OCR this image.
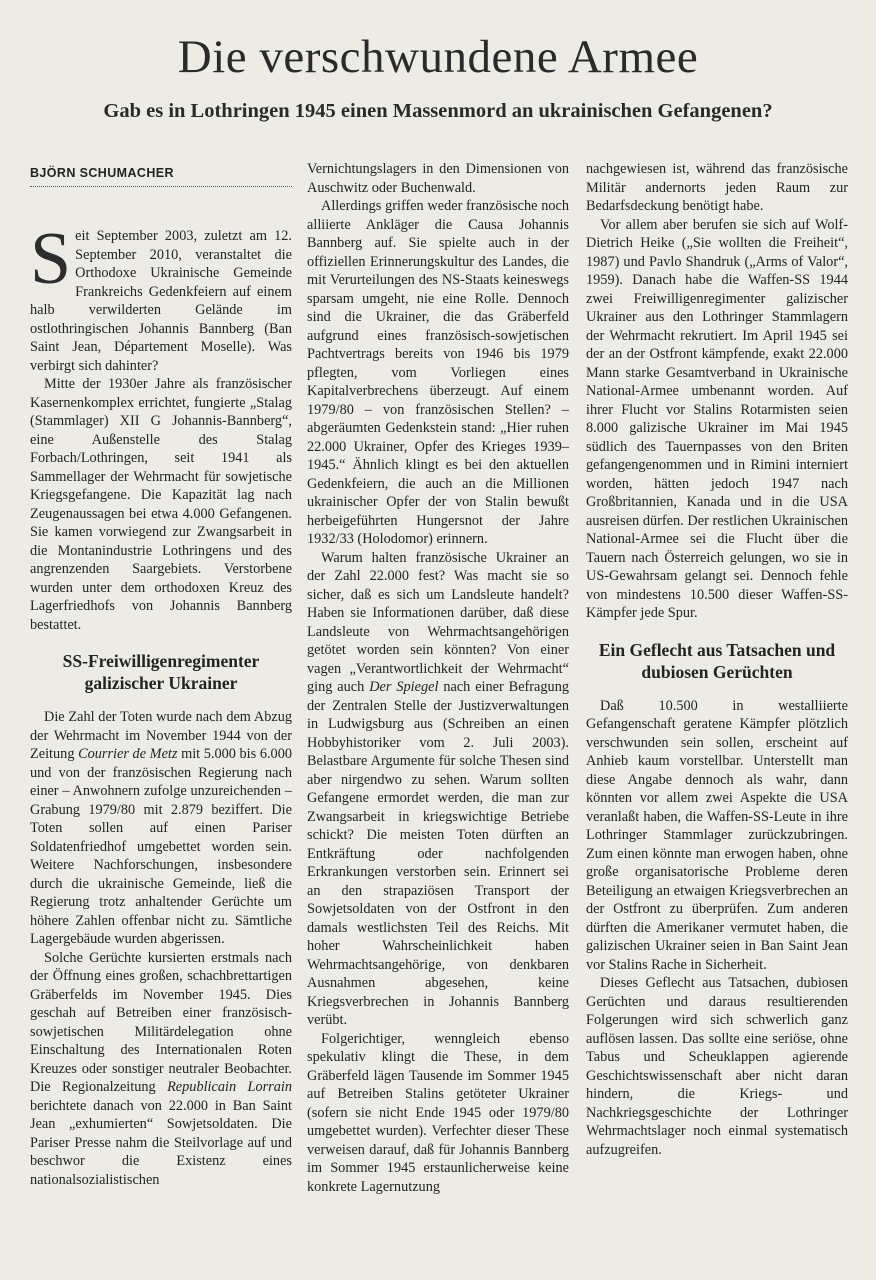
Die verschwundene Armee
Gab es in Lothringen 1945 einen Massenmord an ukrainischen Gefangenen?
BJÖRN SCHUMACHER

Seit September 2003, zuletzt am 12. September 2010, veranstaltet die Orthodoxe Ukrainische Gemeinde Frankreichs Gedenkfeiern auf einem halb verwilderten Gelände im ostlothringischen Johannis Bannberg (Ban Saint Jean, Département Moselle). Was verbirgt sich dahinter?

Mitte der 1930er Jahre als französischer Kasernenkomplex errichtet, fungierte „Stalag (Stammlager) XII G Johannis-Bannberg“, eine Außenstelle des Stalag Forbach/Lothringen, seit 1941 als Sammellager der Wehrmacht für sowjetische Kriegsgefangene. Die Kapazität lag nach Zeugenaussagen bei etwa 4.000 Gefangenen. Sie kamen vorwiegend zur Zwangsarbeit in die Montanindustrie Lothringens und des angrenzenden Saargebiets. Verstorbene wurden unter dem orthodoxen Kreuz des Lagerfriedhofs von Johannis Bannberg bestattet.

SS-Freiwilligenregimenter galizischer Ukrainer

Die Zahl der Toten wurde nach dem Abzug der Wehrmacht im November 1944 von der Zeitung Courrier de Metz mit 5.000 bis 6.000 und von der französischen Regierung nach einer – Anwohnern zufolge unzureichenden – Grabung 1979/80 mit 2.879 beziffert. Die Toten sollen auf einen Pariser Soldatenfriedhof umgebettet worden sein. Weitere Nachforschungen, insbesondere durch die ukrainische Gemeinde, ließ die Regierung trotz anhaltender Gerüchte um höhere Zahlen offenbar nicht zu. Sämtliche Lagergebäude wurden abgerissen.

Solche Gerüchte kursierten erstmals nach der Öffnung eines großen, schachbrettartigen Gräberfelds im November 1945. Dies geschah auf Betreiben einer französisch-sowjetischen Militärdelegation ohne Einschaltung des Internationalen Roten Kreuzes oder sonstiger neutraler Beobachter. Die Regionalzeitung Republicain Lorrain berichtete danach von 22.000 in Ban Saint Jean „exhumierten“ Sowjetsoldaten. Die Pariser Presse nahm die Steilvorlage auf und beschwor die Existenz eines nationalsozialistischen

Vernichtungslagers in den Dimensionen von Auschwitz oder Buchenwald.

Allerdings griffen weder französische noch alliierte Ankläger die Causa Johannis Bannberg auf. Sie spielte auch in der offiziellen Erinnerungskultur des Landes, die mit Verurteilungen des NS-Staats keineswegs sparsam umgeht, nie eine Rolle. Dennoch sind die Ukrainer, die das Gräberfeld aufgrund eines französisch-sowjetischen Pachtvertrags bereits von 1946 bis 1979 pflegten, vom Vorliegen eines Kapitalverbrechens überzeugt. Auf einem 1979/80 – von französischen Stellen? – abgeräumten Gedenkstein stand: „Hier ruhen 22.000 Ukrainer, Opfer des Krieges 1939–1945.“ Ähnlich klingt es bei den aktuellen Gedenkfeiern, die auch an die Millionen ukrainischer Opfer der von Stalin bewußt herbeigeführten Hungersnot der Jahre 1932/33 (Holodomor) erinnern.

Warum halten französische Ukrainer an der Zahl 22.000 fest? Was macht sie so sicher, daß es sich um Landsleute handelt? Haben sie Informationen darüber, daß diese Landsleute von Wehrmachtsangehörigen getötet worden sein könnten? Von einer vagen „Verantwortlichkeit der Wehrmacht“ ging auch Der Spiegel nach einer Befragung der Zentralen Stelle der Justizverwaltungen in Ludwigsburg aus (Schreiben an einen Hobbyhistoriker vom 2. Juli 2003). Belastbare Argumente für solche Thesen sind aber nirgendwo zu sehen. Warum sollten Gefangene ermordet werden, die man zur Zwangsarbeit in kriegswichtige Betriebe schickt? Die meisten Toten dürften an Entkräftung oder nachfolgenden Erkrankungen verstorben sein. Erinnert sei an den strapaziösen Transport der Sowjetsoldaten von der Ostfront in den damals westlichsten Teil des Reichs. Mit hoher Wahrscheinlichkeit haben Wehrmachtsangehörige, von denkbaren Ausnahmen abgesehen, keine Kriegsverbrechen in Johannis Bannberg verübt.

Folgerichtiger, wenngleich ebenso spekulativ klingt die These, in dem Gräberfeld lägen Tausende im Sommer 1945 auf Betreiben Stalins getöteter Ukrainer (sofern sie nicht Ende 1945 oder 1979/80 umgebettet wurden). Verfechter dieser These verweisen darauf, daß für Johannis Bannberg im Sommer 1945 erstaunlicherweise keine konkrete Lagernutzung

nachgewiesen ist, während das französische Militär andernorts jeden Raum zur Bedarfsdeckung benötigt habe.

Vor allem aber berufen sie sich auf Wolf-Dietrich Heike („Sie wollten die Freiheit“, 1987) und Pavlo Shandruk („Arms of Valor“, 1959). Danach habe die Waffen-SS 1944 zwei Freiwilligenregimenter galizischer Ukrainer aus den Lothringer Stammlagern der Wehrmacht rekrutiert. Im April 1945 sei der an der Ostfront kämpfende, exakt 22.000 Mann starke Gesamtverband in Ukrainische National-Armee umbenannt worden. Auf ihrer Flucht vor Stalins Rotarmisten seien 8.000 galizische Ukrainer im Mai 1945 südlich des Tauernpasses von den Briten gefangengenommen und in Rimini interniert worden, hätten jedoch 1947 nach Großbritannien, Kanada und in die USA ausreisen dürfen. Der restlichen Ukrainischen National-Armee sei die Flucht über die Tauern nach Österreich gelungen, wo sie in US-Gewahrsam gelangt sei. Dennoch fehle von mindestens 10.500 dieser Waffen-SS-Kämpfer jede Spur.

Ein Geflecht aus Tatsachen und dubiosen Gerüchten

Daß 10.500 in westalliierte Gefangenschaft geratene Kämpfer plötzlich verschwunden sein sollen, erscheint auf Anhieb kaum vorstellbar. Unterstellt man diese Angabe dennoch als wahr, dann könnten vor allem zwei Aspekte die USA veranlaßt haben, die Waffen-SS-Leute in ihre Lothringer Stammlager zurückzubringen. Zum einen könnte man erwogen haben, ohne große organisatorische Probleme deren Beteiligung an etwaigen Kriegsverbrechen an der Ostfront zu überprüfen. Zum anderen dürften die Amerikaner vermutet haben, die galizischen Ukrainer seien in Ban Saint Jean vor Stalins Rache in Sicherheit.

Dieses Geflecht aus Tatsachen, dubiosen Gerüchten und daraus resultierenden Folgerungen wird sich schwerlich ganz auflösen lassen. Das sollte eine seriöse, ohne Tabus und Scheuklappen agierende Geschichtswissenschaft aber nicht daran hindern, die Kriegs- und Nachkriegsgeschichte der Lothringer Wehrmachtslager noch einmal systematisch aufzugreifen.
